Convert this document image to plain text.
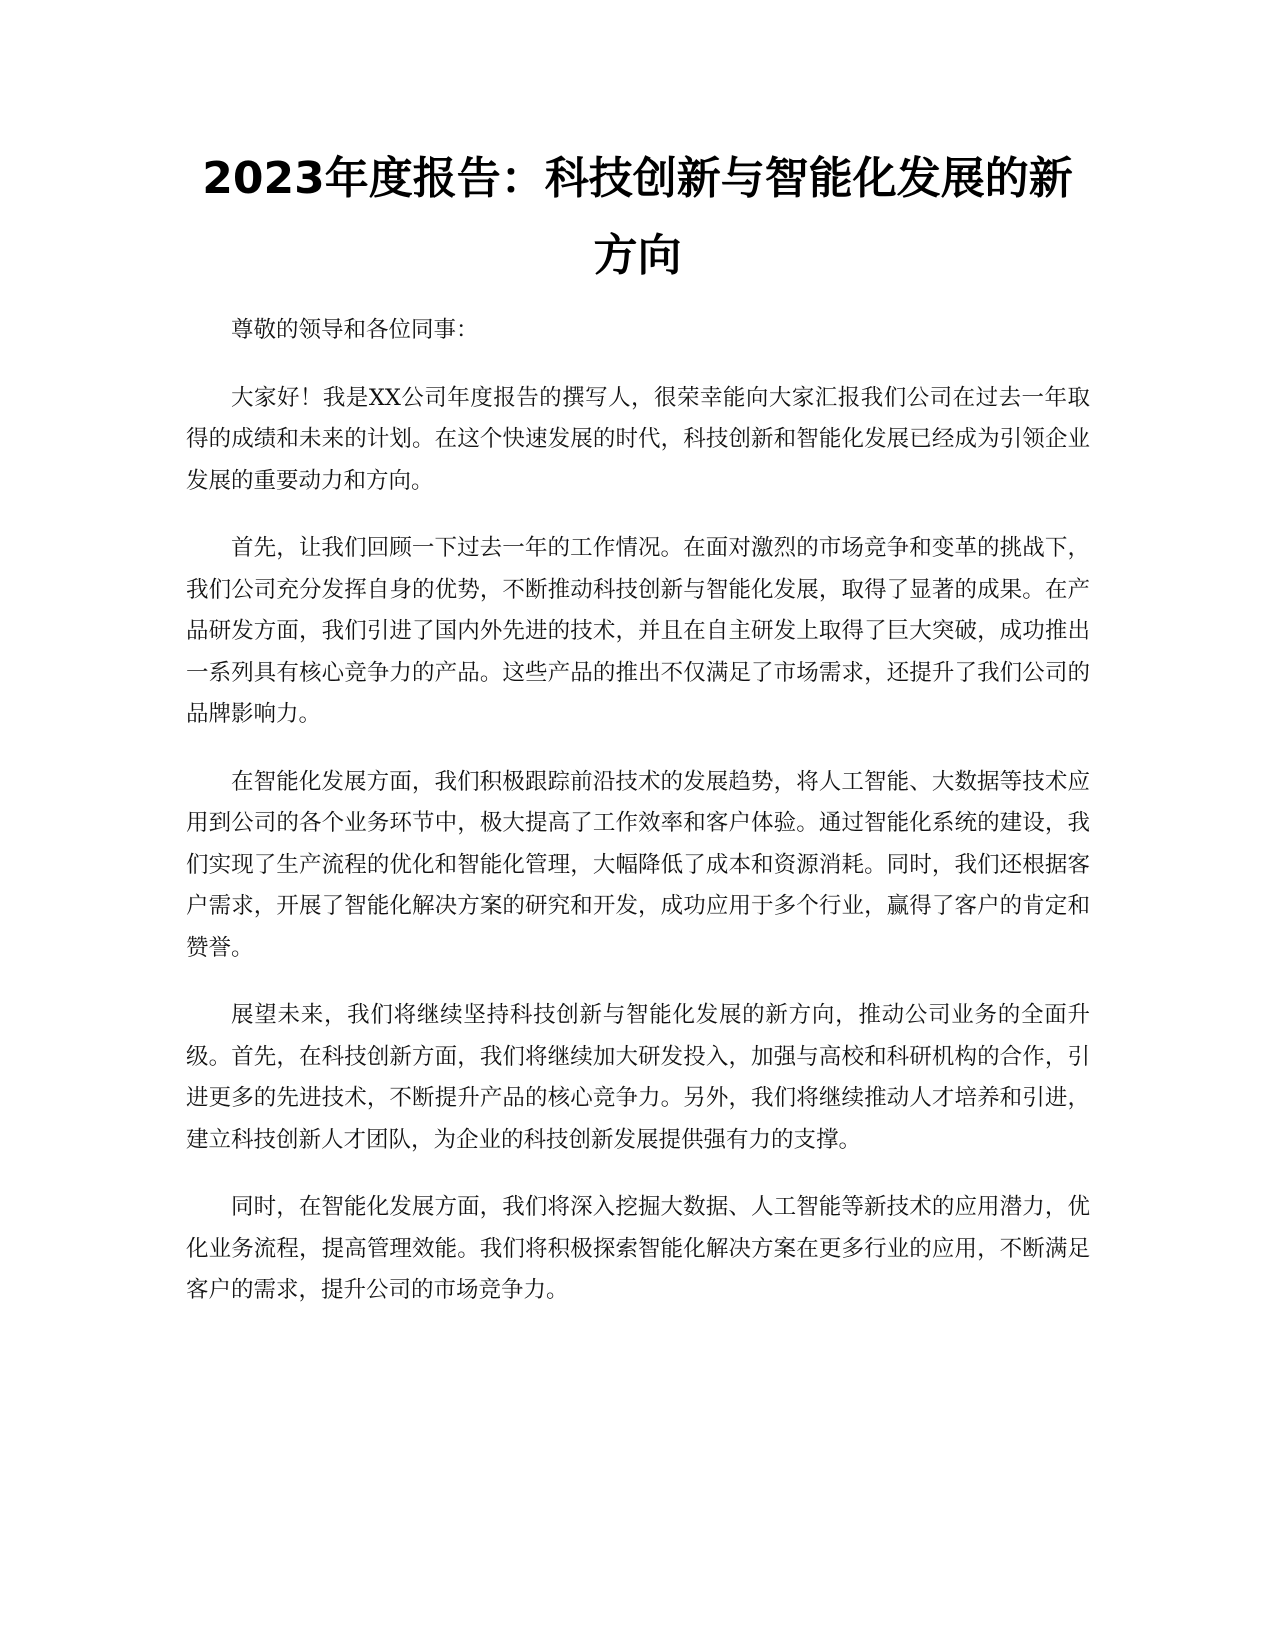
2023年度报告：科技创新与智能化发展的新方向

尊敬的领导和各位同事：

大家好！我是XX公司年度报告的撰写人，很荣幸能向大家汇报我们公司在过去一年取得的成绩和未来的计划。在这个快速发展的时代，科技创新和智能化发展已经成为引领企业发展的重要动力和方向。

首先，让我们回顾一下过去一年的工作情况。在面对激烈的市场竞争和变革的挑战下，我们公司充分发挥自身的优势，不断推动科技创新与智能化发展，取得了显著的成果。在产品研发方面，我们引进了国内外先进的技术，并且在自主研发上取得了巨大突破，成功推出一系列具有核心竞争力的产品。这些产品的推出不仅满足了市场需求，还提升了我们公司的品牌影响力。

在智能化发展方面，我们积极跟踪前沿技术的发展趋势，将人工智能、大数据等技术应用到公司的各个业务环节中，极大提高了工作效率和客户体验。通过智能化系统的建设，我们实现了生产流程的优化和智能化管理，大幅降低了成本和资源消耗。同时，我们还根据客户需求，开展了智能化解决方案的研究和开发，成功应用于多个行业，赢得了客户的肯定和赞誉。

展望未来，我们将继续坚持科技创新与智能化发展的新方向，推动公司业务的全面升级。首先，在科技创新方面，我们将继续加大研发投入，加强与高校和科研机构的合作，引进更多的先进技术，不断提升产品的核心竞争力。另外，我们将继续推动人才培养和引进，建立科技创新人才团队，为企业的科技创新发展提供强有力的支撑。

同时，在智能化发展方面，我们将深入挖掘大数据、人工智能等新技术的应用潜力，优化业务流程，提高管理效能。我们将积极探索智能化解决方案在更多行业的应用，不断满足客户的需求，提升公司的市场竞争力。
